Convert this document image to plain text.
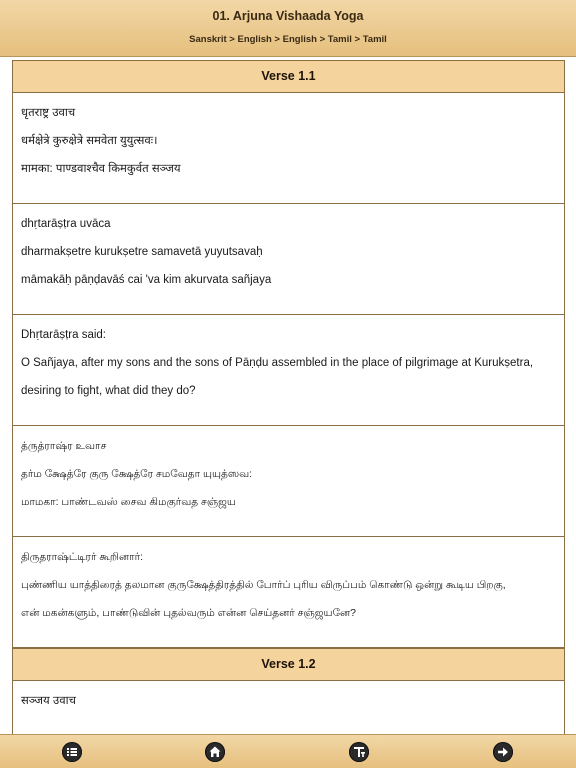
01. Arjuna Vishaada Yoga
Sanskrit > English > English > Tamil > Tamil
Verse 1.1
धृतराष्ट्र उवाच
धर्मक्षेत्रे कुरुक्षेत्रे समवेता युयुत्सवः।
मामका: पाण्डवाश्चैव किमकुर्वत सञ्जय
dhṛtarāṣṭra uvāca
dharmakṣetre kurukṣetre samavetā yuyutsavaḥ
māmakāḥ pāṇḍavāś cai 'va kim akurvata sañjaya
Dhṛtarāṣṭra said:
O Sañjaya, after my sons and the sons of Pāṇḍu assembled in the place of pilgrimage at Kurukṣetra,
desiring to fight, what did they do?
த்ருத்ராஷ்ர உவாச
தர்ம க்ஷேத்ரே குரு க்ஷேத்ரே சமவேதா யுயுத்ஸவ:
மாமகா: பாண்டவஸ் சைவ கிமகுர்வத சஞ்ஜய
திருதராஷ்ட்டிரர் கூறினார்:
புண்ணிய யாத்திரைத் தலமான குருக்ஷேத்திரத்தில் போர்ப் புரிய விருப்பம் கொண்டு ஒன்று கூடிய பிறகு,
என் மகன்களும், பாண்டுவின் புதல்வரும் என்ன செய்தனர் சஞ்ஜயனே?
Verse 1.2
सञ्जय उवाच
